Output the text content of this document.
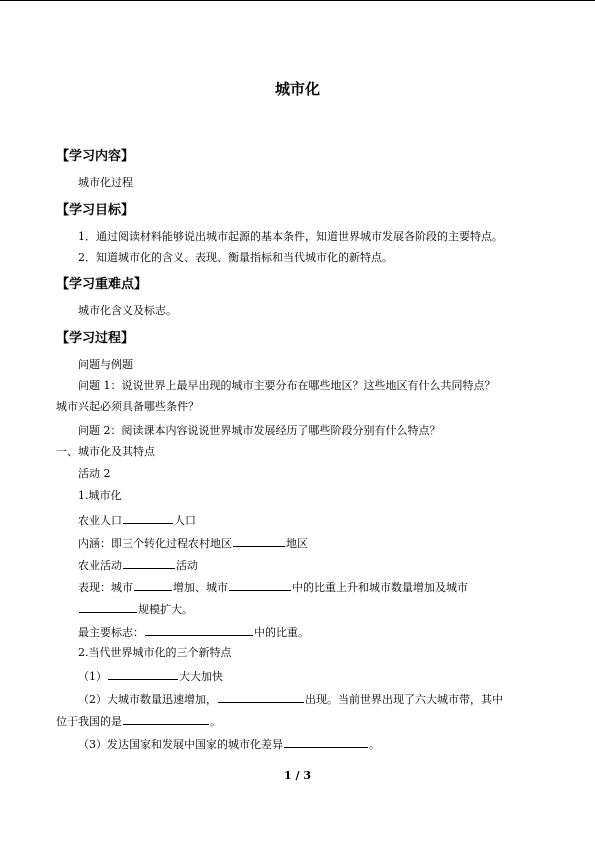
城市化
【学习内容】
城市化过程
【学习目标】
1．通过阅读材料能够说出城市起源的基本条件，知道世界城市发展各阶段的主要特点。
2．知道城市化的含义、表现、衡量指标和当代城市化的新特点。
【学习重难点】
城市化含义及标志。
【学习过程】
问题与例题
问题 1：说说世界上最早出现的城市主要分布在哪些地区？这些地区有什么共同特点？
城市兴起必须具备哪些条件？
问题 2：阅读课本内容说说世界城市发展经历了哪些阶段分别有什么特点？
一、城市化及其特点
活动 2
1.城市化
农业人口	人口
内涵：即三个转化过程农村地区	地区
农业活动	活动
表现：城市	增加、城市	中的比重上升和城市数量增加及城市
规模扩大。
最主要标志：	中的比重。
2.当代世界城市化的三个新特点
（1）	大大加快
（2）大城市数量迅速增加，	出现。当前世界出现了六大城市带，其中
位于我国的是	。
（3）发达国家和发展中国家的城市化差异	。
1 / 3
